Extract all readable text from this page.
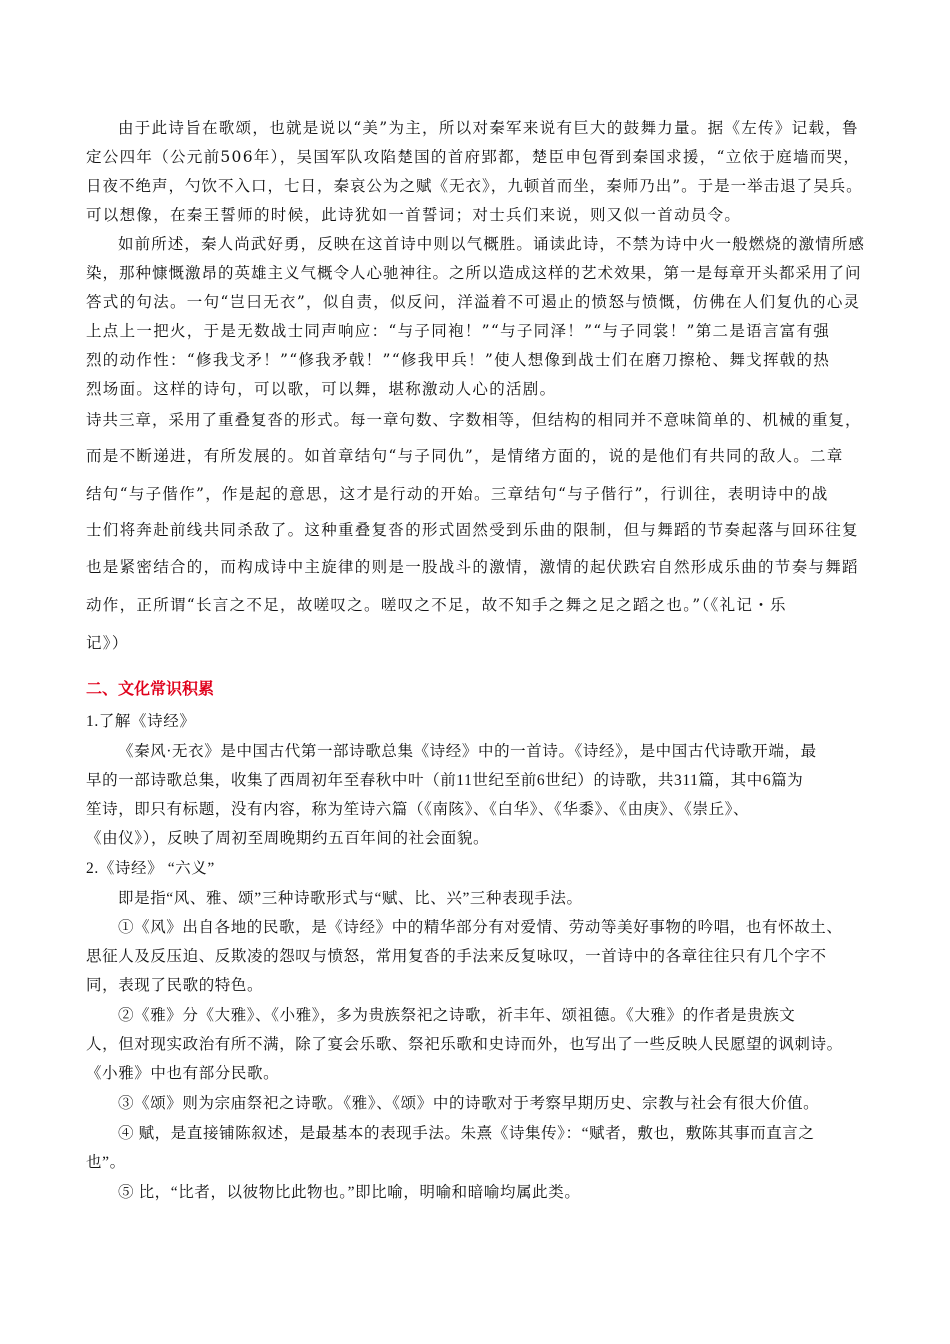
由于此诗旨在歌颂，也就是说以“美”为主，所以对秦军来说有巨大的鼓舞力量。据《左传》记载，鲁
定公四年（公元前506年），吴国军队攻陷楚国的首府郢都，楚臣申包胥到秦国求援，“立依于庭墙而哭，
日夜不绝声，勺饮不入口，七日，秦哀公为之赋《无衣》，九顿首而坐，秦师乃出”。于是一举击退了吴兵。
可以想像，在秦王誓师的时候，此诗犹如一首誓词；对士兵们来说，则又似一首动员令。
如前所述，秦人尚武好勇，反映在这首诗中则以气概胜。诵读此诗，不禁为诗中火一般燃烧的激情所感
染，那种慷慨激昂的英雄主义气概令人心驰神往。之所以造成这样的艺术效果，第一是每章开头都采用了问
答式的句法。一句“岂曰无衣”，似自责，似反问，洋溢着不可遏止的愤怒与愤慨，仿佛在人们复仇的心灵
上点上一把火，于是无数战士同声响应：“与子同袍！”“与子同泽！”“与子同裳！”第二是语言富有强
烈的动作性：“修我戈矛！”“修我矛戟！”“修我甲兵！”使人想像到战士们在磨刀擦枪、舞戈挥戟的热
烈场面。这样的诗句，可以歌，可以舞，堪称激动人心的活剧。
诗共三章，采用了重叠复沓的形式。每一章句数、字数相等，但结构的相同并不意味简单的、机械的重复，
而是不断递进，有所发展的。如首章结句“与子同仇”，是情绪方面的，说的是他们有共同的敌人。二章
结句“与子偕作”，作是起的意思，这才是行动的开始。三章结句“与子偕行”，行训往，表明诗中的战
士们将奔赴前线共同杀敌了。这种重叠复沓的形式固然受到乐曲的限制，但与舞蹈的节奏起落与回环往复
也是紧密结合的，而构成诗中主旋律的则是一股战斗的激情，激情的起伏跌宕自然形成乐曲的节奏与舞蹈
动作，正所谓“长言之不足，故嗟叹之。嗟叹之不足，故不知手之舞之足之蹈之也。”（《礼记・乐
记》）
二、文化常识积累
1.了解《诗经》
《秦风·无衣》是中国古代第一部诗歌总集《诗经》中的一首诗。《诗经》，是中国古代诗歌开端，最
早的一部诗歌总集，收集了西周初年至春秋中叶（前11世纪至前6世纪）的诗歌，共311篇，其中6篇为
笙诗，即只有标题，没有内容，称为笙诗六篇（《南陔》、《白华》、《华黍》、《由庚》、《崇丘》、
《由仪》），反映了周初至周晚期约五百年间的社会面貌。
2.《诗经》 “六义”
即是指“风、雅、颂”三种诗歌形式与“赋、比、兴”三种表现手法。
①《风》出自各地的民歌，是《诗经》中的精华部分有对爱情、劳动等美好事物的吟唱，也有怀故土、
思征人及反压迫、反欺凌的怨叹与愤怒，常用复沓的手法来反复咏叹，一首诗中的各章往往只有几个字不
同，表现了民歌的特色。
②《雅》分《大雅》、《小雅》，多为贵族祭祀之诗歌，祈丰年、颂祖德。《大雅》的作者是贵族文
人，但对现实政治有所不满，除了宴会乐歌、祭祀乐歌和史诗而外，也写出了一些反映人民愿望的讽刺诗。
《小雅》中也有部分民歌。
③《颂》则为宗庙祭祀之诗歌。《雅》、《颂》中的诗歌对于考察早期历史、宗教与社会有很大价值。
④ 赋，是直接铺陈叙述，是最基本的表现手法。朱熹《诗集传》：“赋者，敷也，敷陈其事而直言之
也”。
⑤ 比，“比者，以彼物比此物也。”即比喻，明喻和暗喻均属此类。
